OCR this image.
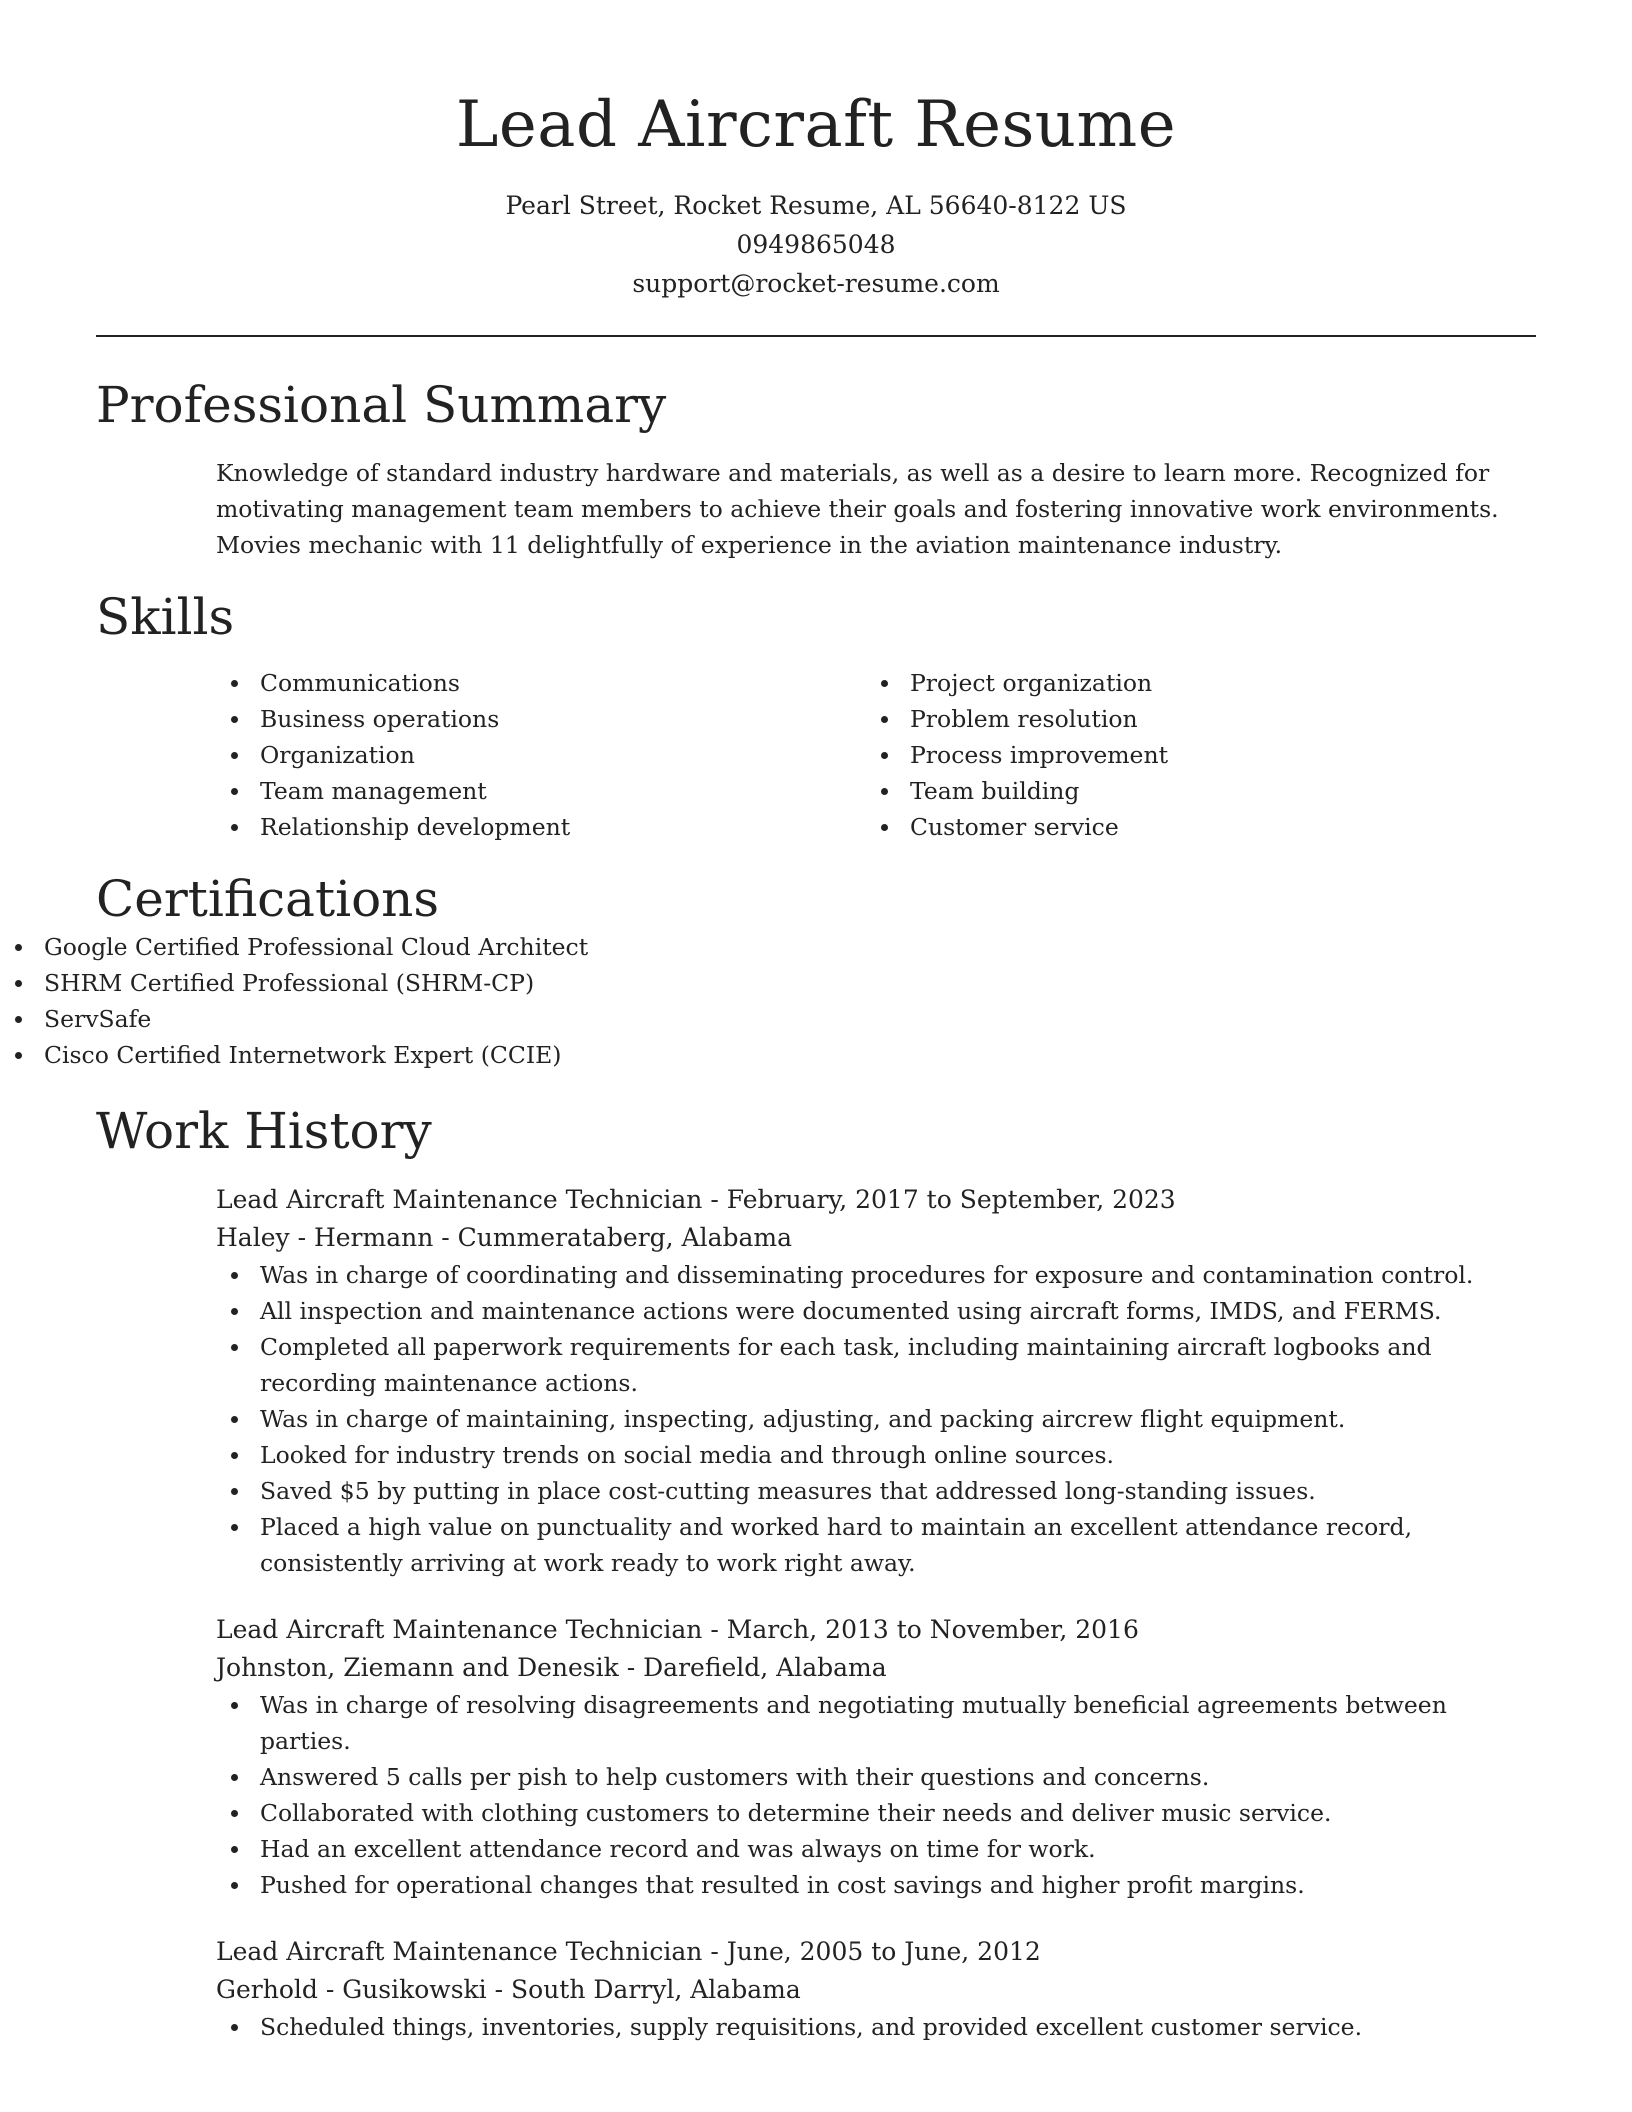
Lead Aircraft Resume
Pearl Street, Rocket Resume, AL 56640-8122 US
0949865048
support@rocket-resume.com
Professional Summary
Knowledge of standard industry hardware and materials, as well as a desire to learn more. Recognized for motivating management team members to achieve their goals and fostering innovative work environments. Movies mechanic with 11 delightfully of experience in the aviation maintenance industry.
Skills
Communications
Business operations
Organization
Team management
Relationship development
Project organization
Problem resolution
Process improvement
Team building
Customer service
Certifications
Google Certified Professional Cloud Architect
SHRM Certified Professional (SHRM-CP)
ServSafe
Cisco Certified Internetwork Expert (CCIE)
Work History
Lead Aircraft Maintenance Technician - February, 2017 to September, 2023
Haley - Hermann - Cummerataberg, Alabama
Was in charge of coordinating and disseminating procedures for exposure and contamination control.
All inspection and maintenance actions were documented using aircraft forms, IMDS, and FERMS.
Completed all paperwork requirements for each task, including maintaining aircraft logbooks and recording maintenance actions.
Was in charge of maintaining, inspecting, adjusting, and packing aircrew flight equipment.
Looked for industry trends on social media and through online sources.
Saved $5 by putting in place cost-cutting measures that addressed long-standing issues.
Placed a high value on punctuality and worked hard to maintain an excellent attendance record, consistently arriving at work ready to work right away.
Lead Aircraft Maintenance Technician - March, 2013 to November, 2016
Johnston, Ziemann and Denesik - Darefield, Alabama
Was in charge of resolving disagreements and negotiating mutually beneficial agreements between parties.
Answered 5 calls per pish to help customers with their questions and concerns.
Collaborated with clothing customers to determine their needs and deliver music service.
Had an excellent attendance record and was always on time for work.
Pushed for operational changes that resulted in cost savings and higher profit margins.
Lead Aircraft Maintenance Technician - June, 2005 to June, 2012
Gerhold - Gusikowski - South Darryl, Alabama
Scheduled things, inventories, supply requisitions, and provided excellent customer service.
